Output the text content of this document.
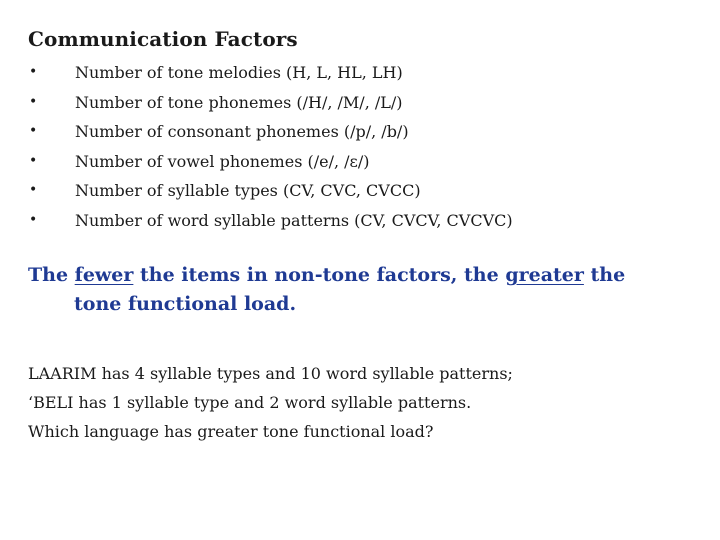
Communication Factors
• Number of tone melodies (H, L, HL, LH)
• Number of tone phonemes (/H/, /M/, /L/)
• Number of consonant phonemes (/p/, /b/)
• Number of vowel phonemes (/e/, /ɛ/)
• Number of syllable types (CV, CVC, CVCC)
• Number of word syllable patterns (CV, CVCV, CVCVC)
The fewer the items in non-tone factors, the greater the
tone functional load.
LAARIM has 4 syllable types and 10 word syllable patterns;
‘BELI has 1 syllable type and 2 word syllable patterns.
Which language has greater tone functional load?
